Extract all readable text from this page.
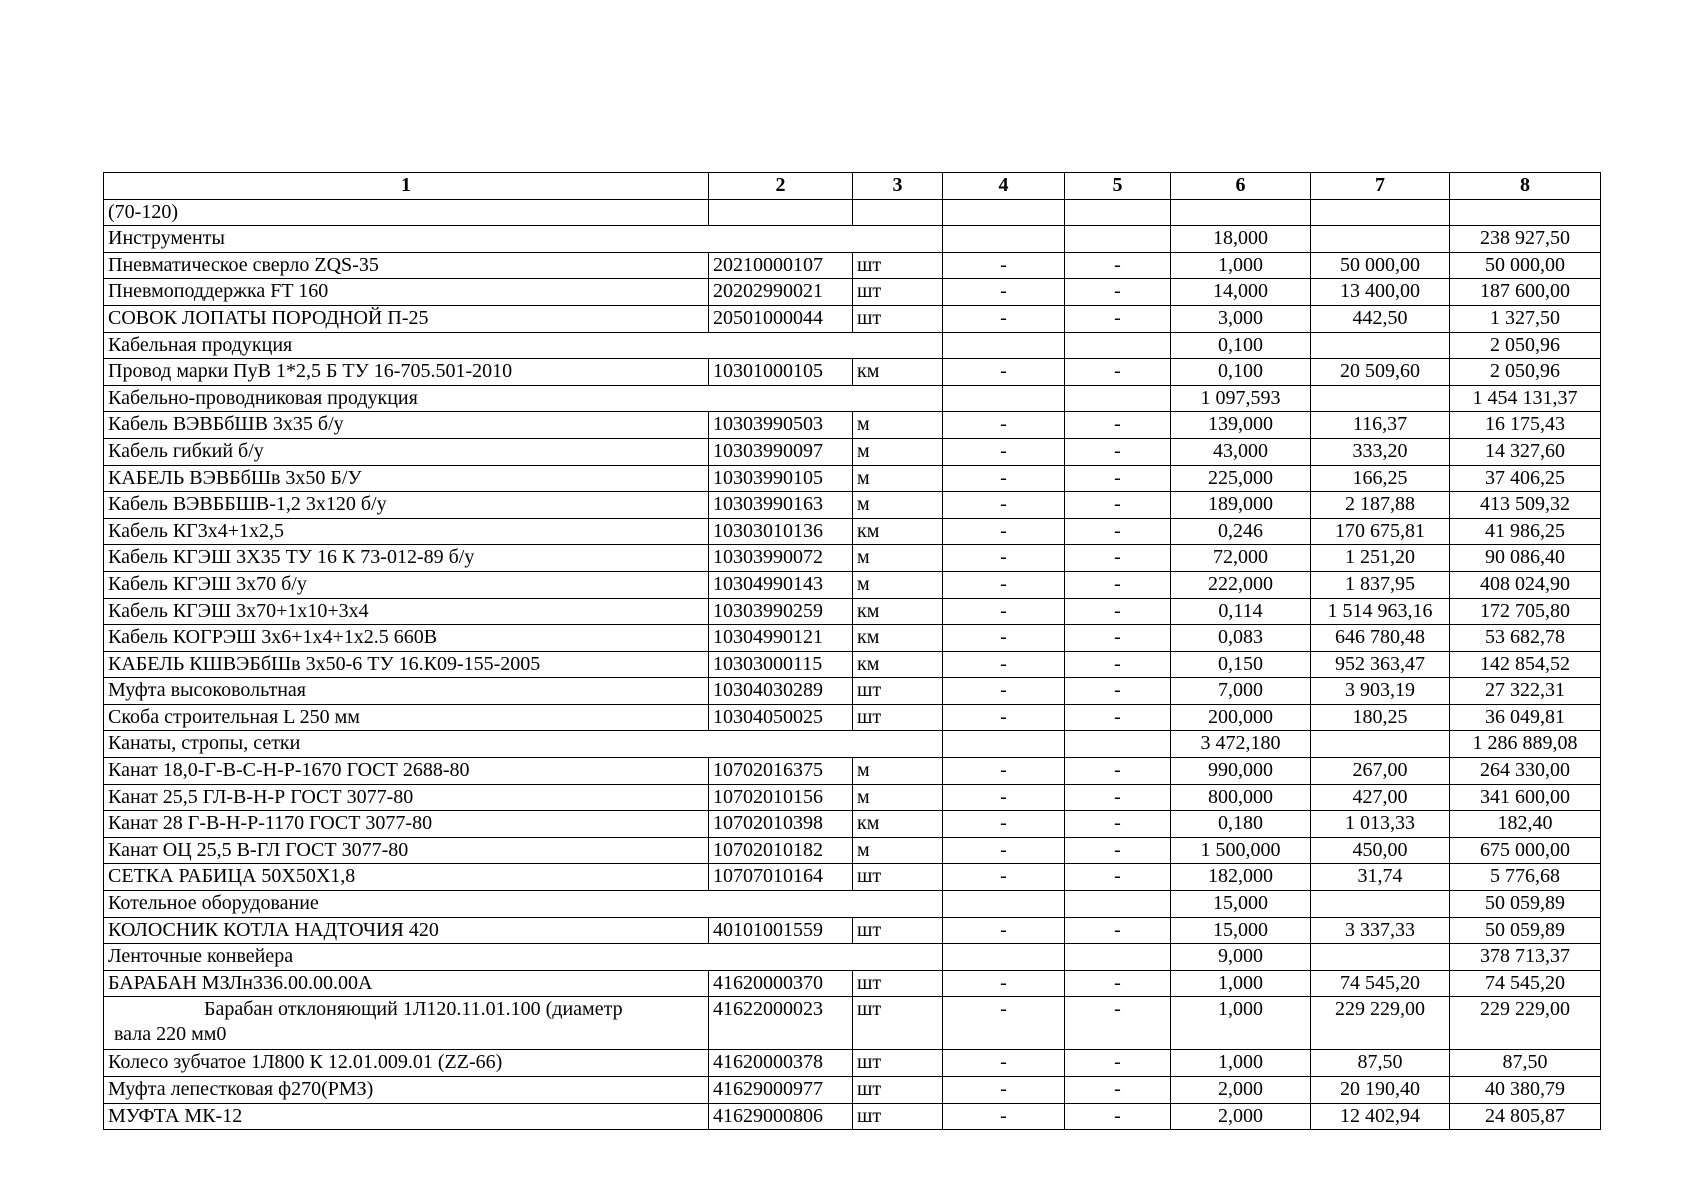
1	2	3	4	5	6	7	8
(70-120)							
Инструменты					18,000		238 927,50
Пневматическое сверло ZQS-35	20210000107	шт	-	-	1,000	50 000,00	50 000,00
Пневмоподдержка FT 160	20202990021	шт	-	-	14,000	13 400,00	187 600,00
СОВОК ЛОПАТЫ ПОРОДНОЙ П-25	20501000044	шт	-	-	3,000	442,50	1 327,50
Кабельная продукция					0,100		2 050,96
Провод марки ПуВ 1*2,5 Б ТУ 16-705.501-2010	10301000105	км	-	-	0,100	20 509,60	2 050,96
Кабельно-проводниковая продукция					1 097,593		1 454 131,37
Кабель ВЭВБбШВ 3х35 б/у	10303990503	м	-	-	139,000	116,37	16 175,43
Кабель гибкий б/у	10303990097	м	-	-	43,000	333,20	14 327,60
КАБЕЛЬ ВЭВБбШв 3х50 Б/У	10303990105	м	-	-	225,000	166,25	37 406,25
Кабель ВЭВББШВ-1,2 3х120 б/у	10303990163	м	-	-	189,000	2 187,88	413 509,32
Кабель КГ3х4+1х2,5	10303010136	км	-	-	0,246	170 675,81	41 986,25
Кабель КГЭШ 3Х35 ТУ 16 К 73-012-89 б/у	10303990072	м	-	-	72,000	1 251,20	90 086,40
Кабель КГЭШ 3х70 б/у	10304990143	м	-	-	222,000	1 837,95	408 024,90
Кабель КГЭШ 3х70+1х10+3х4	10303990259	км	-	-	0,114	1 514 963,16	172 705,80
Кабель КОГРЭШ 3х6+1х4+1х2.5 660В	10304990121	км	-	-	0,083	646 780,48	53 682,78
КАБЕЛЬ КШВЭБбШв 3х50-6 ТУ 16.К09-155-2005	10303000115	км	-	-	0,150	952 363,47	142 854,52
Муфта высоковольтная	10304030289	шт	-	-	7,000	3 903,19	27 322,31
Скоба строительная L 250 мм	10304050025	шт	-	-	200,000	180,25	36 049,81
Канаты, стропы, сетки					3 472,180		1 286 889,08
Канат 18,0-Г-В-С-Н-Р-1670 ГОСТ 2688-80	10702016375	м	-	-	990,000	267,00	264 330,00
Канат 25,5 ГЛ-В-Н-Р ГОСТ 3077-80	10702010156	м	-	-	800,000	427,00	341 600,00
Канат 28 Г-В-Н-Р-1170 ГОСТ 3077-80	10702010398	км	-	-	0,180	1 013,33	182,40
Канат ОЦ 25,5 В-ГЛ ГОСТ 3077-80	10702010182	м	-	-	1 500,000	450,00	675 000,00
СЕТКА РАБИЦА 50Х50Х1,8	10707010164	шт	-	-	182,000	31,74	5 776,68
Котельное оборудование					15,000		50 059,89
КОЛОСНИК КОТЛА НАДТОЧИЯ 420	40101001559	шт	-	-	15,000	3 337,33	50 059,89
Ленточные конвейера					9,000		378 713,37
БАРАБАН МЗЛн336.00.00.00А	41620000370	шт	-	-	1,000	74 545,20	74 545,20

Барабан отклоняющий 1Л120.11.01.100 (диаметр
вала 220 мм0	41622000023	шт	-	-	1,000	229 229,00	229 229,00
Колесо зубчатое 1Л800 К 12.01.009.01 (ZZ-66)	41620000378	шт	-	-	1,000	87,50	87,50
Муфта лепестковая ф270(РМЗ)	41629000977	шт	-	-	2,000	20 190,40	40 380,79
МУФТА МК-12	41629000806	шт	-	-	2,000	12 402,94	24 805,87
